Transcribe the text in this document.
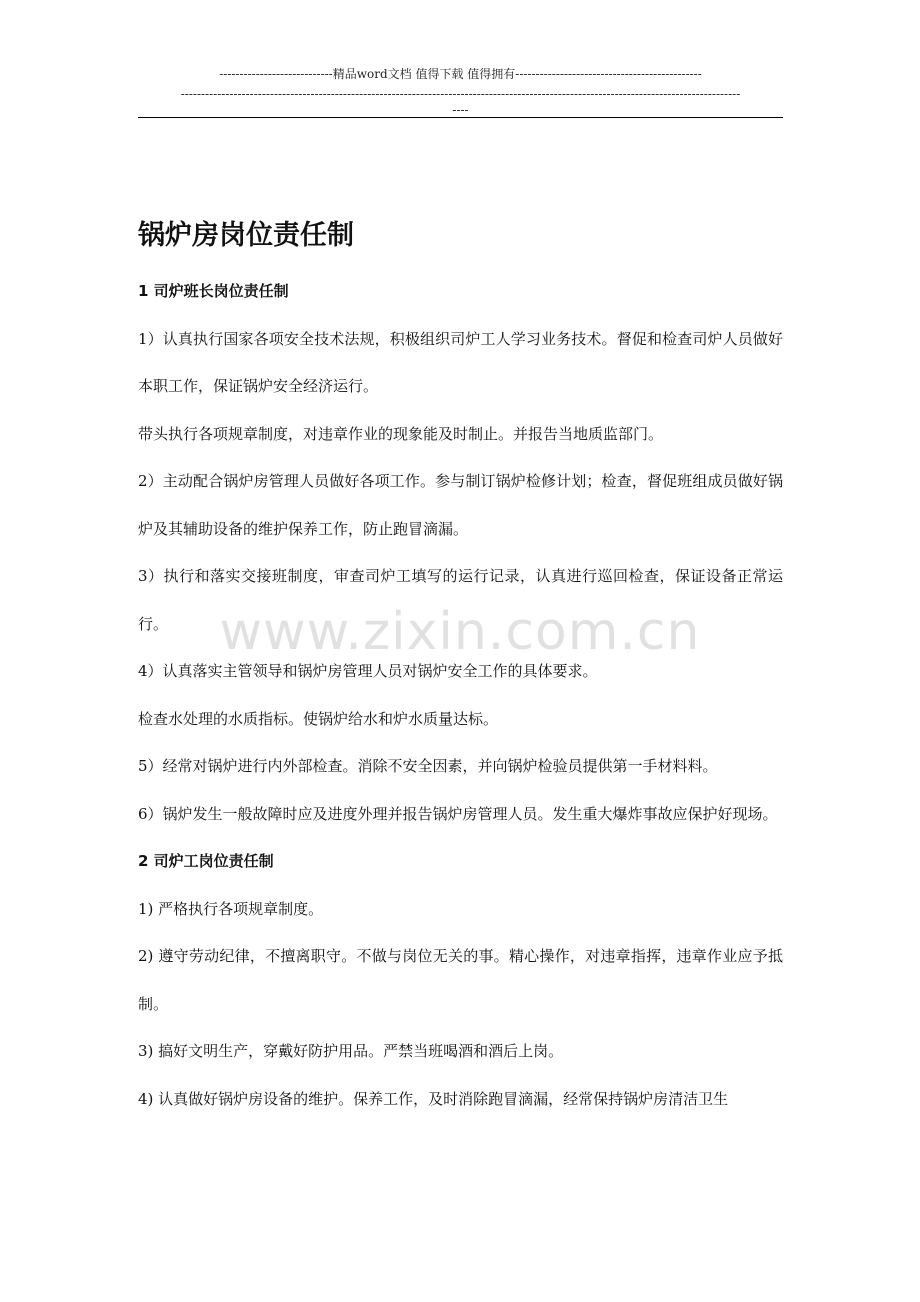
----------------------------精品word文档 值得下载 值得拥有----------------------------------------------
------------------------------------------------------------------------------------------------------------------------------------------
----
锅炉房岗位责任制

1 司炉班长岗位责任制

1）认真执行国家各项安全技术法规，积极组织司炉工人学习业务技术。督促和检查司炉人员做好本职工作，保证锅炉安全经济运行。

带头执行各项规章制度，对违章作业的现象能及时制止。并报告当地质监部门。

2）主动配合锅炉房管理人员做好各项工作。参与制订锅炉检修计划；检查，督促班组成员做好锅炉及其辅助设备的维护保养工作，防止跑冒滴漏。

3）执行和落实交接班制度，审查司炉工填写的运行记录，认真进行巡回检查，保证设备正常运行。

4）认真落实主管领导和锅炉房管理人员对锅炉安全工作的具体要求。

检查水处理的水质指标。使锅炉给水和炉水质量达标。

5）经常对锅炉进行内外部检查。消除不安全因素，并向锅炉检验员提供第一手材料料。

6）锅炉发生一般故障时应及进度外理并报告锅炉房管理人员。发生重大爆炸事故应保护好现场。

2 司炉工岗位责任制

1) 严格执行各项规章制度。

2) 遵守劳动纪律，不擅离职守。不做与岗位无关的事。精心操作，对违章指挥，违章作业应予抵制。

3) 搞好文明生产，穿戴好防护用品。严禁当班喝酒和酒后上岗。

4) 认真做好锅炉房设备的维护。保养工作，及时消除跑冒滴漏，经常保持锅炉房清洁卫生

www.zixin.com.cn
